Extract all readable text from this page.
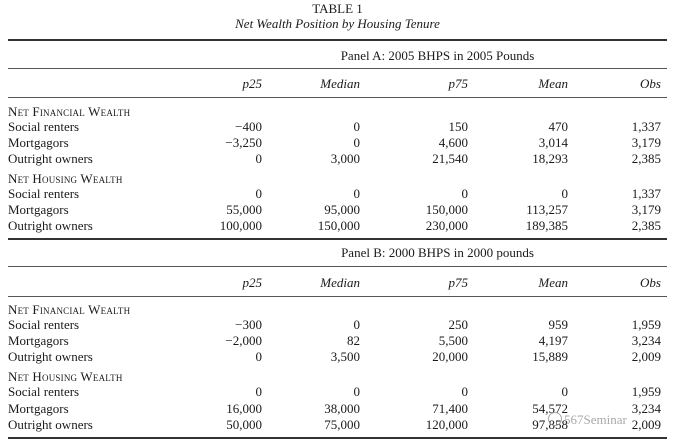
TABLE 1
Net Wealth Position by Housing Tenure
Panel A: 2005 BHPS in 2005 Pounds
p25	Median	p75	Mean	Obs
Net Financial Wealth
Social renters	−400	0	150	470	1,337
Mortgagors	−3,250	0	4,600	3,014	3,179
Outright owners	0	3,000	21,540	18,293	2,385
Net Housing Wealth
Social renters	0	0	0	0	1,337
Mortgagors	55,000	95,000	150,000	113,257	3,179
Outright owners	100,000	150,000	230,000	189,385	2,385
Panel B: 2000 BHPS in 2000 pounds
p25	Median	p75	Mean	Obs
Net Financial Wealth
Social renters	−300	0	250	959	1,959
Mortgagors	−2,000	82	5,500	4,197	3,234
Outright owners	0	3,500	20,000	15,889	2,009
Net Housing Wealth
Social renters	0	0	0	0	1,959
Mortgagors	16,000	38,000	71,400	54,572	3,234
Outright owners	50,000	75,000	120,000	97,858	2,009
567Seminar
